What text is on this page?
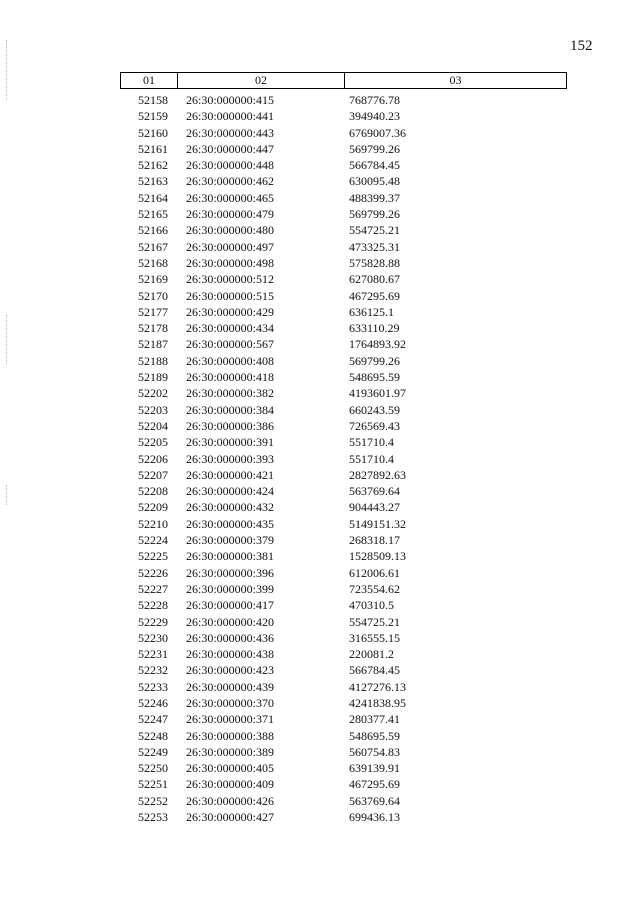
152
01	02	03
52158	26:30:000000:415	768776.78
52159	26:30:000000:441	394940.23
52160	26:30:000000:443	6769007.36
52161	26:30:000000:447	569799.26
52162	26:30:000000:448	566784.45
52163	26:30:000000:462	630095.48
52164	26:30:000000:465	488399.37
52165	26:30:000000:479	569799.26
52166	26:30:000000:480	554725.21
52167	26:30:000000:497	473325.31
52168	26:30:000000:498	575828.88
52169	26:30:000000:512	627080.67
52170	26:30:000000:515	467295.69
52177	26:30:000000:429	636125.1
52178	26:30:000000:434	633110.29
52187	26:30:000000:567	1764893.92
52188	26:30:000000:408	569799.26
52189	26:30:000000:418	548695.59
52202	26:30:000000:382	4193601.97
52203	26:30:000000:384	660243.59
52204	26:30:000000:386	726569.43
52205	26:30:000000:391	551710.4
52206	26:30:000000:393	551710.4
52207	26:30:000000:421	2827892.63
52208	26:30:000000:424	563769.64
52209	26:30:000000:432	904443.27
52210	26:30:000000:435	5149151.32
52224	26:30:000000:379	268318.17
52225	26:30:000000:381	1528509.13
52226	26:30:000000:396	612006.61
52227	26:30:000000:399	723554.62
52228	26:30:000000:417	470310.5
52229	26:30:000000:420	554725.21
52230	26:30:000000:436	316555.15
52231	26:30:000000:438	220081.2
52232	26:30:000000:423	566784.45
52233	26:30:000000:439	4127276.13
52246	26:30:000000:370	4241838.95
52247	26:30:000000:371	280377.41
52248	26:30:000000:388	548695.59
52249	26:30:000000:389	560754.83
52250	26:30:000000:405	639139.91
52251	26:30:000000:409	467295.69
52252	26:30:000000:426	563769.64
52253	26:30:000000:427	699436.13
